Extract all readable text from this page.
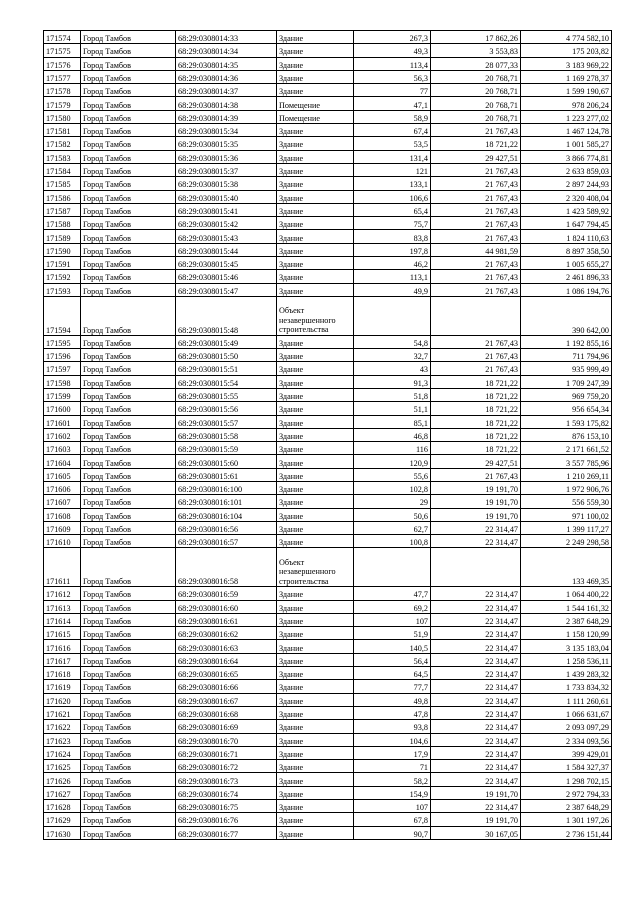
171574	Город Тамбов	68:29:0308014:33	Здание	267,3	17 862,26	4 774 582,10
171575	Город Тамбов	68:29:0308014:34	Здание	49,3	3 553,83	175 203,82
171576	Город Тамбов	68:29:0308014:35	Здание	113,4	28 077,33	3 183 969,22
171577	Город Тамбов	68:29:0308014:36	Здание	56,3	20 768,71	1 169 278,37
171578	Город Тамбов	68:29:0308014:37	Здание	77	20 768,71	1 599 190,67
171579	Город Тамбов	68:29:0308014:38	Помещение	47,1	20 768,71	978 206,24
171580	Город Тамбов	68:29:0308014:39	Помещение	58,9	20 768,71	1 223 277,02
171581	Город Тамбов	68:29:0308015:34	Здание	67,4	21 767,43	1 467 124,78
171582	Город Тамбов	68:29:0308015:35	Здание	53,5	18 721,22	1 001 585,27
171583	Город Тамбов	68:29:0308015:36	Здание	131,4	29 427,51	3 866 774,81
171584	Город Тамбов	68:29:0308015:37	Здание	121	21 767,43	2 633 859,03
171585	Город Тамбов	68:29:0308015:38	Здание	133,1	21 767,43	2 897 244,93
171586	Город Тамбов	68:29:0308015:40	Здание	106,6	21 767,43	2 320 408,04
171587	Город Тамбов	68:29:0308015:41	Здание	65,4	21 767,43	1 423 589,92
171588	Город Тамбов	68:29:0308015:42	Здание	75,7	21 767,43	1 647 794,45
171589	Город Тамбов	68:29:0308015:43	Здание	83,8	21 767,43	1 824 110,63
171590	Город Тамбов	68:29:0308015:44	Здание	197,8	44 981,59	8 897 358,50
171591	Город Тамбов	68:29:0308015:45	Здание	46,2	21 767,43	1 005 655,27
171592	Город Тамбов	68:29:0308015:46	Здание	113,1	21 767,43	2 461 896,33
171593	Город Тамбов	68:29:0308015:47	Здание	49,9	21 767,43	1 086 194,76
171594	Город Тамбов	68:29:0308015:48	Объект незавершенного строительства			390 642,00
171595	Город Тамбов	68:29:0308015:49	Здание	54,8	21 767,43	1 192 855,16
171596	Город Тамбов	68:29:0308015:50	Здание	32,7	21 767,43	711 794,96
171597	Город Тамбов	68:29:0308015:51	Здание	43	21 767,43	935 999,49
171598	Город Тамбов	68:29:0308015:54	Здание	91,3	18 721,22	1 709 247,39
171599	Город Тамбов	68:29:0308015:55	Здание	51,8	18 721,22	969 759,20
171600	Город Тамбов	68:29:0308015:56	Здание	51,1	18 721,22	956 654,34
171601	Город Тамбов	68:29:0308015:57	Здание	85,1	18 721,22	1 593 175,82
171602	Город Тамбов	68:29:0308015:58	Здание	46,8	18 721,22	876 153,10
171603	Город Тамбов	68:29:0308015:59	Здание	116	18 721,22	2 171 661,52
171604	Город Тамбов	68:29:0308015:60	Здание	120,9	29 427,51	3 557 785,96
171605	Город Тамбов	68:29:0308015:61	Здание	55,6	21 767,43	1 210 269,11
171606	Город Тамбов	68:29:0308016:100	Здание	102,8	19 191,70	1 972 906,76
171607	Город Тамбов	68:29:0308016:101	Здание	29	19 191,70	556 559,30
171608	Город Тамбов	68:29:0308016:104	Здание	50,6	19 191,70	971 100,02
171609	Город Тамбов	68:29:0308016:56	Здание	62,7	22 314,47	1 399 117,27
171610	Город Тамбов	68:29:0308016:57	Здание	100,8	22 314,47	2 249 298,58
171611	Город Тамбов	68:29:0308016:58	Объект незавершенного строительства			133 469,35
171612	Город Тамбов	68:29:0308016:59	Здание	47,7	22 314,47	1 064 400,22
171613	Город Тамбов	68:29:0308016:60	Здание	69,2	22 314,47	1 544 161,32
171614	Город Тамбов	68:29:0308016:61	Здание	107	22 314,47	2 387 648,29
171615	Город Тамбов	68:29:0308016:62	Здание	51,9	22 314,47	1 158 120,99
171616	Город Тамбов	68:29:0308016:63	Здание	140,5	22 314,47	3 135 183,04
171617	Город Тамбов	68:29:0308016:64	Здание	56,4	22 314,47	1 258 536,11
171618	Город Тамбов	68:29:0308016:65	Здание	64,5	22 314,47	1 439 283,32
171619	Город Тамбов	68:29:0308016:66	Здание	77,7	22 314,47	1 733 834,32
171620	Город Тамбов	68:29:0308016:67	Здание	49,8	22 314,47	1 111 260,61
171621	Город Тамбов	68:29:0308016:68	Здание	47,8	22 314,47	1 066 631,67
171622	Город Тамбов	68:29:0308016:69	Здание	93,8	22 314,47	2 093 097,29
171623	Город Тамбов	68:29:0308016:70	Здание	104,6	22 314,47	2 334 093,56
171624	Город Тамбов	68:29:0308016:71	Здание	17,9	22 314,47	399 429,01
171625	Город Тамбов	68:29:0308016:72	Здание	71	22 314,47	1 584 327,37
171626	Город Тамбов	68:29:0308016:73	Здание	58,2	22 314,47	1 298 702,15
171627	Город Тамбов	68:29:0308016:74	Здание	154,9	19 191,70	2 972 794,33
171628	Город Тамбов	68:29:0308016:75	Здание	107	22 314,47	2 387 648,29
171629	Город Тамбов	68:29:0308016:76	Здание	67,8	19 191,70	1 301 197,26
171630	Город Тамбов	68:29:0308016:77	Здание	90,7	30 167,05	2 736 151,44
